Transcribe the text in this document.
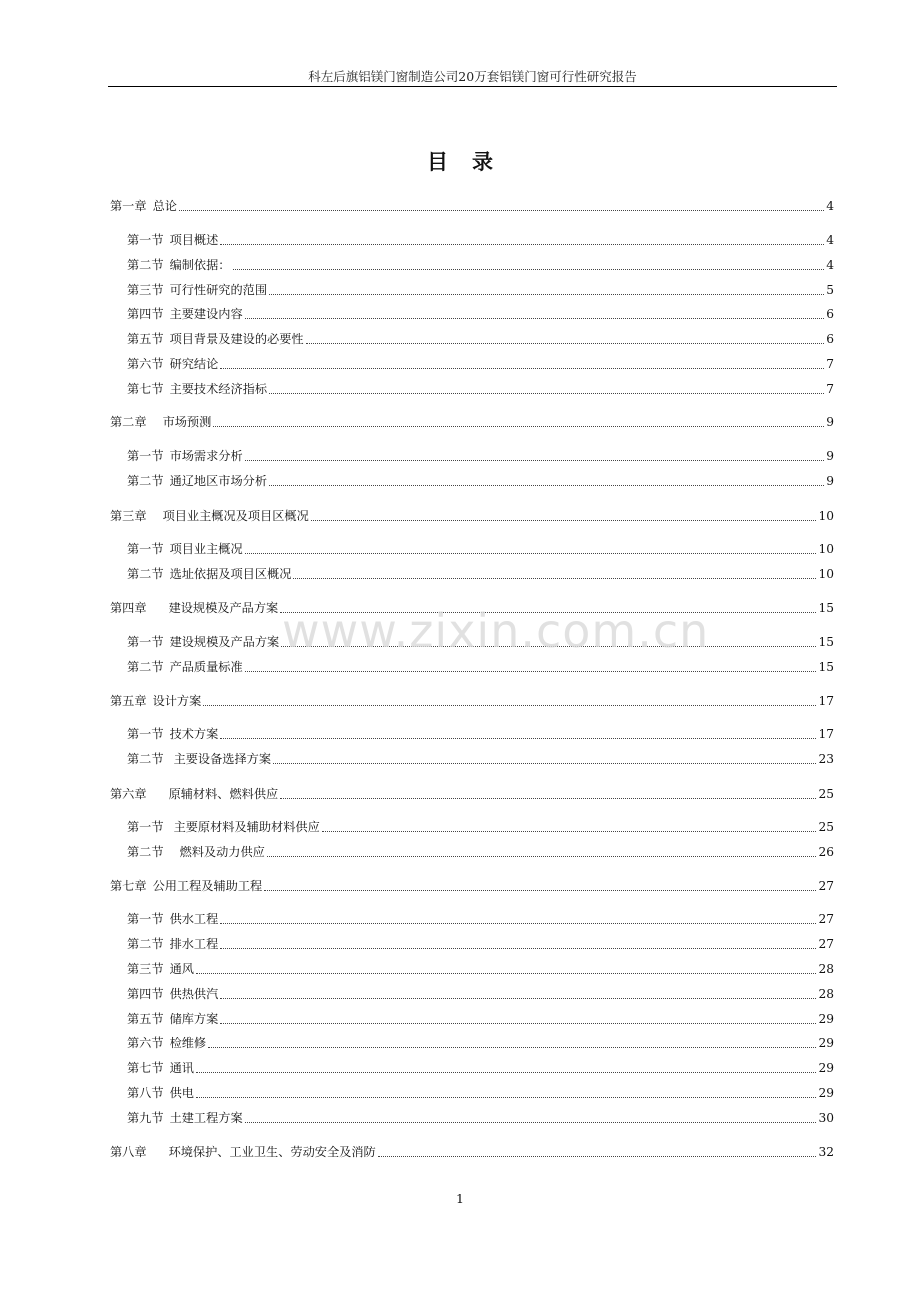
科左后旗铝镁门窗制造公司20万套铝镁门窗可行性研究报告
目录
第一章 总论	4
第一节 项目概述	4
第二节 编制依据：	4
第三节 可行性研究的范围	5
第四节 主要建设内容	6
第五节 项目背景及建设的必要性	6
第六节 研究结论	7
第七节 主要技术经济指标	7
第二章 市场预测	9
第一节 市场需求分析	9
第二节 通辽地区市场分析	9
第三章 项目业主概况及项目区概况	10
第一节 项目业主概况	10
第二节 选址依据及项目区概况	10
第四章 建设规模及产品方案	15
第一节 建设规模及产品方案	15
第二节 产品质量标准	15
第五章 设计方案	17
第一节 技术方案	17
第二节 主要设备选择方案	23
第六章 原辅材料、燃料供应	25
第一节 主要原材料及辅助材料供应	25
第二节 燃料及动力供应	26
第七章 公用工程及辅助工程	27
第一节 供水工程	27
第二节 排水工程	27
第三节 通风	28
第四节 供热供汽	28
第五节 储库方案	29
第六节 检维修	29
第七节 通讯	29
第八节 供电	29
第九节 土建工程方案	30
第八章 环境保护、工业卫生、劳动安全及消防	32
www.zixin.com.cn
1
